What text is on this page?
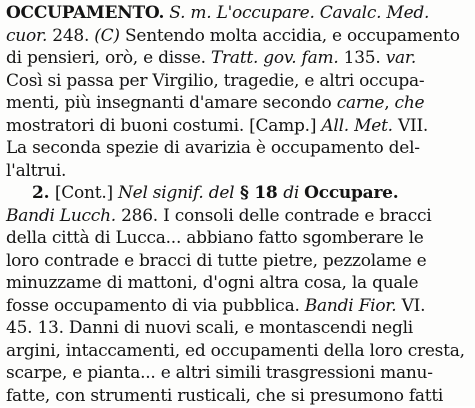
OCCUPAMENTO. S. m. L'occupare. Cavalc. Med.
cuor. 248. (C) Sentendo molta accidia, e occupamento
di pensieri, orò, e disse. Tratt. gov. fam. 135. var.
Così si passa per Virgilio, tragedie, e altri occupa-
menti, più insegnanti d'amare secondo carne, che
mostratori di buoni costumi. [Camp.] All. Met. VII.
La seconda spezie di avarizia è occupamento del-
l'altrui.
2. [Cont.] Nel signif. del § 18 di Occupare.
Bandi Lucch. 286. I consoli delle contrade e bracci
della città di Lucca... abbiano fatto sgomberare le
loro contrade e bracci di tutte pietre, pezzolame e
minuzzame di mattoni, d'ogni altra cosa, la quale
fosse occupamento di via pubblica. Bandi Fior. VI.
45. 13. Danni di nuovi scali, e montascendi negli
argini, intaccamenti, ed occupamenti della loro cresta,
scarpe, e pianta... e altri simili trasgressioni manu-
fatte, con strumenti rusticali, che si presumono fatti
